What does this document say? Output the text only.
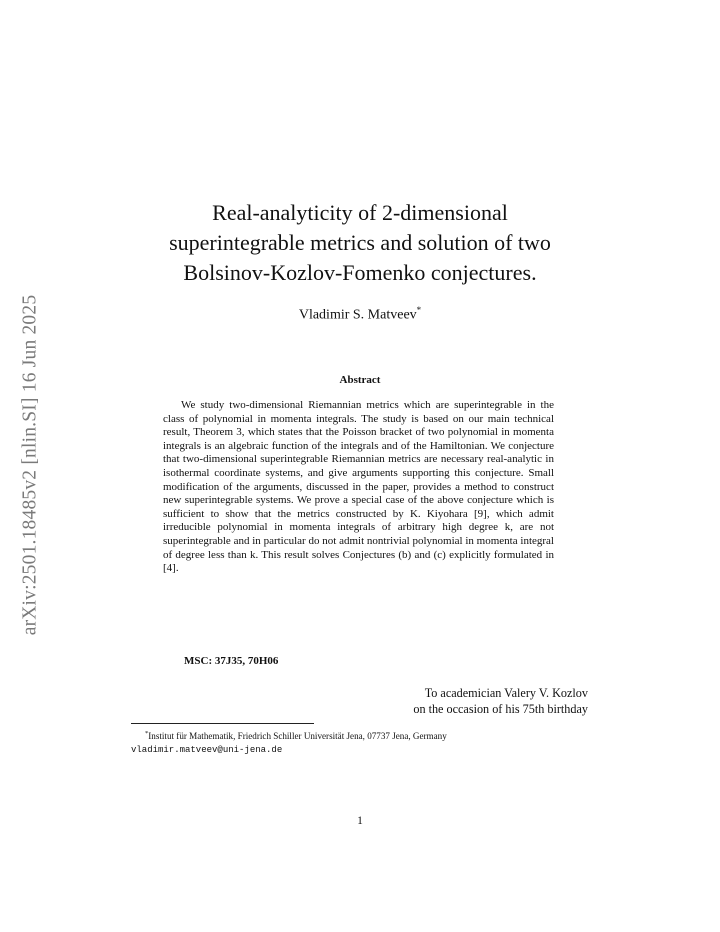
arXiv:2501.18485v2 [nlin.SI] 16 Jun 2025
Real-analyticity of 2-dimensional
superintegrable metrics and solution of two
Bolsinov-Kozlov-Fomenko conjectures.
Vladimir S. Matveev*
Abstract

We study two-dimensional Riemannian metrics which are superintegrable in the class of polynomial in momenta integrals. The study is based on our main technical result, Theorem 3, which states that the Poisson bracket of two polynomial in momenta integrals is an algebraic function of the integrals and of the Hamiltonian. We conjecture that two-dimensional superintegrable Riemannian metrics are necessary real-analytic in isothermal coordinate systems, and give arguments supporting this conjecture. Small modification of the arguments, discussed in the paper, provides a method to construct new superintegrable systems. We prove a special case of the above conjecture which is sufficient to show that the metrics constructed by K. Kiyohara [9], which admit irreducible polynomial in momenta integrals of arbitrary high degree k, are not superintegrable and in particular do not admit nontrivial polynomial in momenta integral of degree less than k. This result solves Conjectures (b) and (c) explicitly formulated in [4].

MSC: 37J35, 70H06
To academician Valery V. Kozlov
on the occasion of his 75th birthday
*Institut für Mathematik, Friedrich Schiller Universität Jena, 07737 Jena, Germany
vladimir.matveev@uni-jena.de
1
